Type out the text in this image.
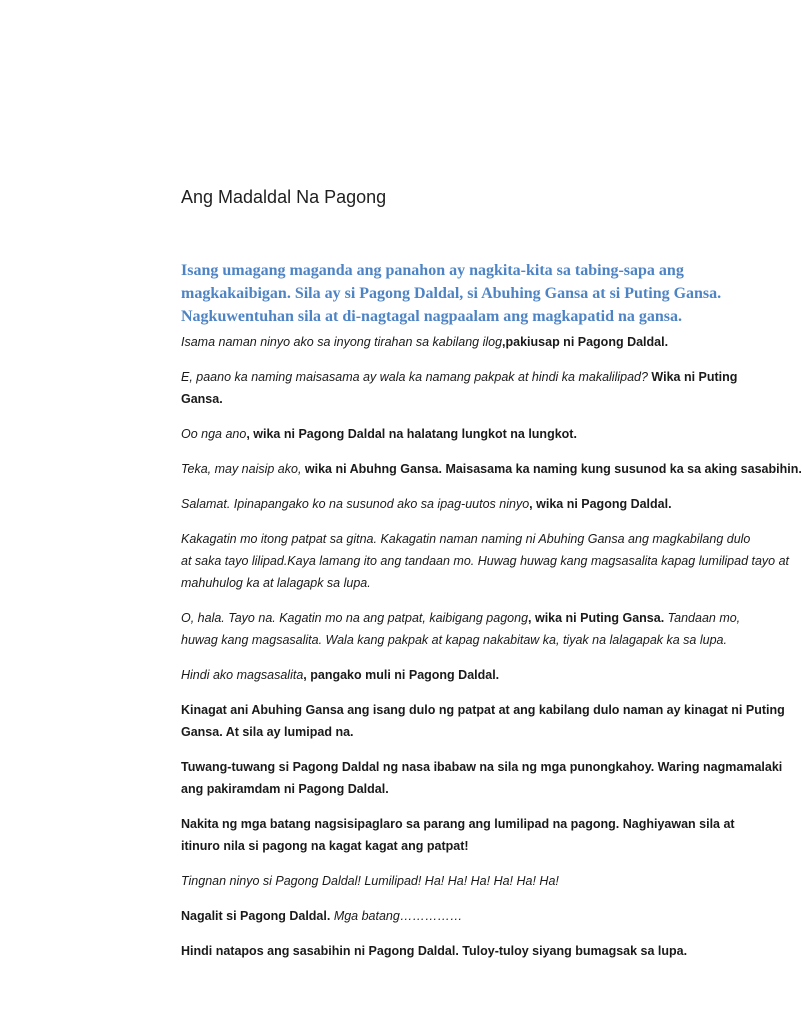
Ang Madaldal Na Pagong

Isang umagang maganda ang panahon ay nagkita-kita sa tabing-sapa ang
magkakaibigan. Sila ay si Pagong Daldal, si Abuhing Gansa at si Puting Gansa.
Nagkuwentuhan sila at di-nagtagal nagpaalam ang magkapatid na gansa.

Isama naman ninyo ako sa inyong tirahan sa kabilang ilog,pakiusap ni Pagong Daldal.

E, paano ka naming maisasama ay wala ka namang pakpak at hindi ka makalilipad? Wika ni Puting
Gansa.

Oo nga ano, wika ni Pagong Daldal na halatang lungkot na lungkot.

Teka, may naisip ako, wika ni Abuhng Gansa. Maisasama ka naming kung susunod ka sa aking sasabihin.

Salamat. Ipinapangako ko na susunod ako sa ipag-uutos ninyo, wika ni Pagong Daldal.

Kakagatin mo itong patpat sa gitna. Kakagatin naman naming ni Abuhing Gansa ang magkabilang dulo
at saka tayo lilipad.Kaya lamang ito ang tandaan mo. Huwag huwag kang magsasalita kapag lumilipad tayo at
mahuhulog ka at lalagapk sa lupa.

O, hala. Tayo na. Kagatin mo na ang patpat, kaibigang pagong, wika ni Puting Gansa. Tandaan mo,
huwag kang magsasalita. Wala kang pakpak at kapag nakabitaw ka, tiyak na lalagapak ka sa lupa.

Hindi ako magsasalita, pangako muli ni Pagong Daldal.

Kinagat ani Abuhing Gansa ang isang dulo ng patpat at ang kabilang dulo naman ay kinagat ni Puting
Gansa. At sila ay lumipad na.

Tuwang-tuwang si Pagong Daldal ng nasa ibabaw na sila ng mga punongkahoy. Waring nagmamalaki
ang pakiramdam ni Pagong Daldal.

Nakita ng mga batang nagsisipaglaro sa parang ang lumilipad na pagong. Naghiyawan sila at
itinuro nila si pagong na kagat kagat ang patpat!

Tingnan ninyo si Pagong Daldal! Lumilipad! Ha! Ha! Ha! Ha! Ha! Ha!

Nagalit si Pagong Daldal. Mga batang……………

Hindi natapos ang sasabihin ni Pagong Daldal. Tuloy-tuloy siyang bumagsak sa lupa.
